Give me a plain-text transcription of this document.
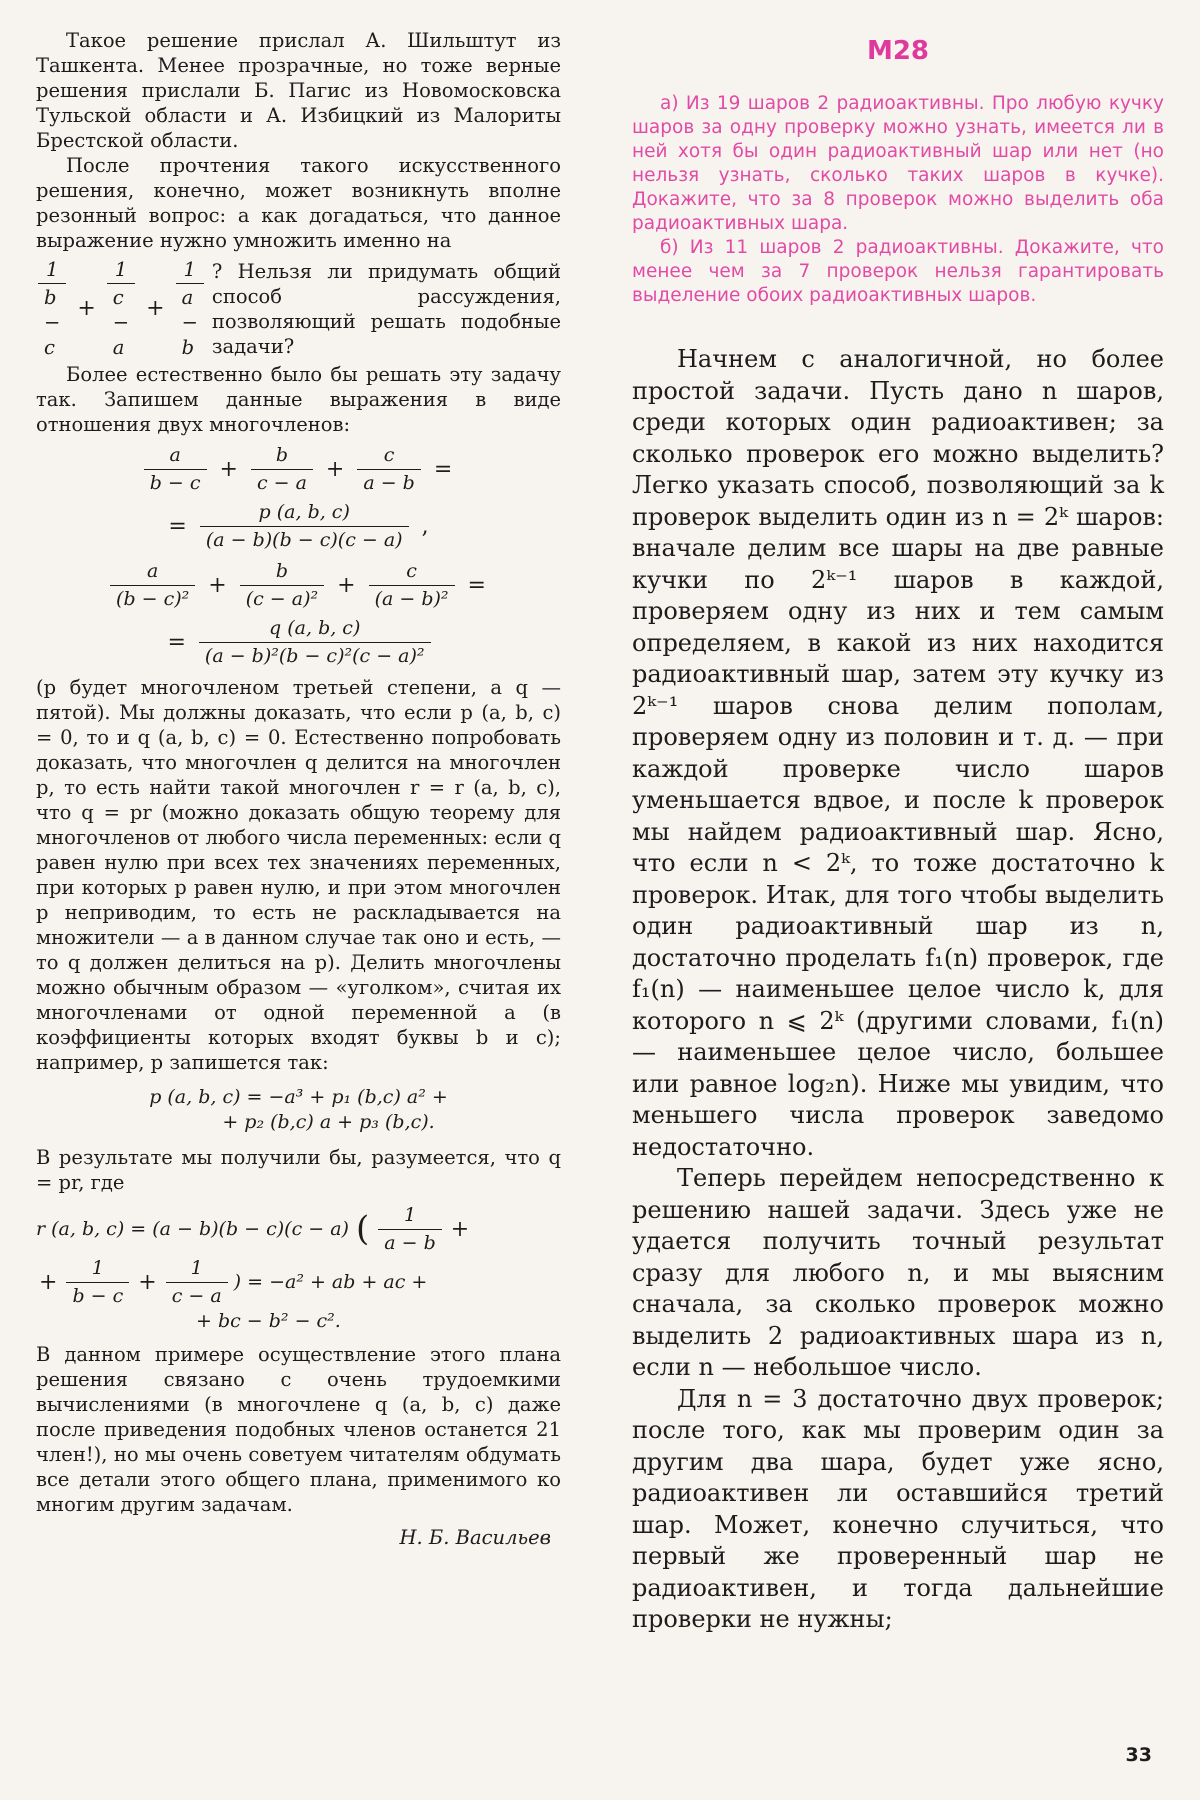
Такое решение прислал А. Шильштут из Ташкента. Менее прозрачные, но тоже верные решения прислали Б. Пагис из Новомосковска Тульской области и А. Избицкий из Малориты Брестской области.

После прочтения такого искусственного решения, конечно, может возникнуть вполне резонный вопрос: а как догадаться, что данное выражение нужно умножить именно на

$\frac{1}{b - c} + \frac{1}{c - a} + \frac{1}{a - b}$ ? Нельзя ли придумать общий способ рассуждения, позволяющий решать подобные задачи?

Более естественно было бы решать эту задачу так. Запишем данные выражения в виде отношения двух многочленов:

$\frac{a}{b - c} + \frac{b}{c - a} + \frac{c}{a - b}$ =
= $\frac{p (a, b, c)}{(a - b)(b - c)(c - a)}$ ,
$\frac{a}{\text{(b − c)²}} + \frac{b}{\text{(c − a)²}} + \frac{c}{\text{(a − b)²}}$ =
= $\frac{q (a, b, c)}{\text{(a − b)²(b − c)²(c − a)²}}$

(p будет многочленом третьей степени, а q — пятой). Мы должны доказать, что если p (a, b, c) = 0, то и q (a, b, c) = 0. Естественно попробовать доказать, что многочлен q делится на многочлен p, то есть найти такой многочлен r = r (a, b, c), что q = pr (можно доказать общую теорему для многочленов от любого числа переменных: если q равен нулю при всех тех значениях переменных, при которых p равен нулю, и при этом многочлен p неприводим, то есть не раскладывается на множители — а в данном случае так оно и есть, — то q должен делиться на p). Делить многочлены можно обычным образом — «уголком», считая их многочленами от одной переменной a (в коэффициенты которых входят буквы b и c); например, p запишется так:

p (a, b, c) = −a³ + p₁ (b,c) a² +
+ p₂ (b,c) a + p₃ (b,c).

В результате мы получили бы, разумеется, что q = pr, где

r (a, b, c) = (a − b)(b − c)(c − a) ( $\frac{1}{a - b}$ +
+ $\frac{1}{b - c} + \frac{1}{c - a}$ ) = −a² + ab + ac +
+ bc − b² − c².

В данном примере осуществление этого плана решения связано с очень трудоемкими вычислениями (в многочлене q (a, b, c) даже после приведения подобных членов останется 21 член!), но мы очень советуем читателям обдумать все детали этого общего плана, применимого ко многим другим задачам.

Н. Б. Васильев
М28

а) Из 19 шаров 2 радиоактивны. Про любую кучку шаров за одну проверку можно узнать, имеется ли в ней хотя бы один радиоактивный шар или нет (но нельзя узнать, сколько таких шаров в кучке). Докажите, что за 8 проверок можно выделить оба радиоактивных шара.

б) Из 11 шаров 2 радиоактивны. Докажите, что менее чем за 7 проверок нельзя гарантировать выделение обоих радиоактивных шаров.

Начнем с аналогичной, но более простой задачи. Пусть дано n шаров, среди которых один радиоактивен; за сколько проверок его можно выделить? Легко указать способ, позволяющий за k проверок выделить один из n = 2ᵏ шаров: вначале делим все шары на две равные кучки по 2ᵏ⁻¹ шаров в каждой, проверяем одну из них и тем самым определяем, в какой из них находится радиоактивный шар, затем эту кучку из 2ᵏ⁻¹ шаров снова делим пополам, проверяем одну из половин и т. д. — при каждой проверке число шаров уменьшается вдвое, и после k проверок мы найдем радиоактивный шар. Ясно, что если n < 2ᵏ, то тоже достаточно k проверок. Итак, для того чтобы выделить один радиоактивный шар из n, достаточно проделать f₁(n) проверок, где f₁(n) — наименьшее целое число k, для которого n ⩽ 2ᵏ (другими словами, f₁(n) — наименьшее целое число, большее или равное log₂n). Ниже мы увидим, что меньшего числа проверок заведомо недостаточно.

Теперь перейдем непосредственно к решению нашей задачи. Здесь уже не удается получить точный результат сразу для любого n, и мы выясним сначала, за сколько проверок можно выделить 2 радиоактивных шара из n, если n — небольшое число.

Для n = 3 достаточно двух проверок; после того, как мы проверим один за другим два шара, будет уже ясно, радиоактивен ли оставшийся третий шар. Может, конечно случиться, что первый же проверенный шар не радиоактивен, и тогда дальнейшие проверки не нужны;

33
